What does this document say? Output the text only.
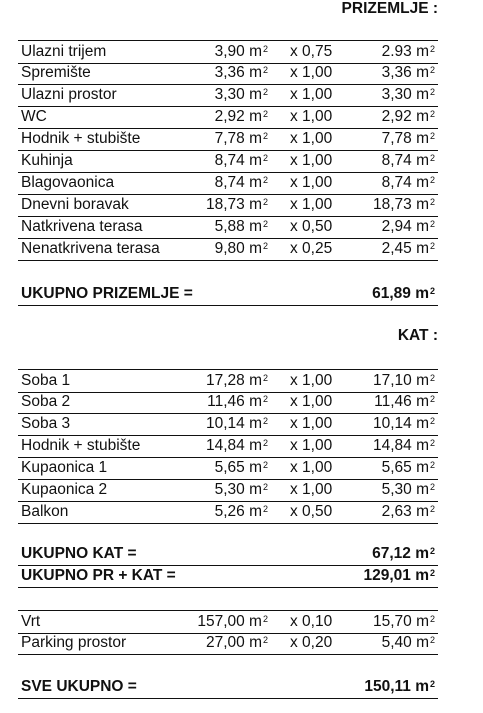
PRIZEMLJE :
Ulazni trijem	3,90 $m^2$ x 0,75	2.93 $m^2$
Spremište	3,36 $m^2$ x 1,00	3,36 $m^2$
Ulazni prostor	3,30 $m^2$ x 1,00	3,30 $m^2$
WC	2,92 $m^2$ x 1,00	2,92 $m^2$
Hodnik + stubište	7,78 $m^2$ x 1,00	7,78 $m^2$
Kuhinja	8,74 $m^2$ x 1,00	8,74 $m^2$
Blagovaonica	8,74 $m^2$ x 1,00	8,74 $m^2$
Dnevni boravak	18,73 $m^2$ x 1,00	18,73 $m^2$
Natkrivena terasa	5,88 $m^2$ x 0,50	2,94 $m^2$
Nenatkrivena terasa	9,80 $m^2$ x 0,25	2,45 $m^2$
UKUPNO PRIZEMLJE =	61,89 $m^2$
KAT :
Soba 1	17,28 $m^2$ x 1,00	17,10 $m^2$
Soba 2	11,46 $m^2$ x 1,00	11,46 $m^2$
Soba 3	10,14 $m^2$ x 1,00	10,14 $m^2$
Hodnik + stubište	14,84 $m^2$ x 1,00	14,84 $m^2$
Kupaonica 1	5,65 $m^2$ x 1,00	5,65 $m^2$
Kupaonica 2	5,30 $m^2$ x 1,00	5,30 $m^2$
Balkon	5,26 $m^2$ x 0,50	2,63 $m^2$
UKUPNO KAT =	67,12 $m^2$
UKUPNO PR + KAT =	129,01 $m^2$
Vrt	157,00 $m^2$ x 0,10	15,70 $m^2$
Parking prostor	27,00 $m^2$ x 0,20	5,40 $m^2$
SVE UKUPNO =	150,11 $m^2$
